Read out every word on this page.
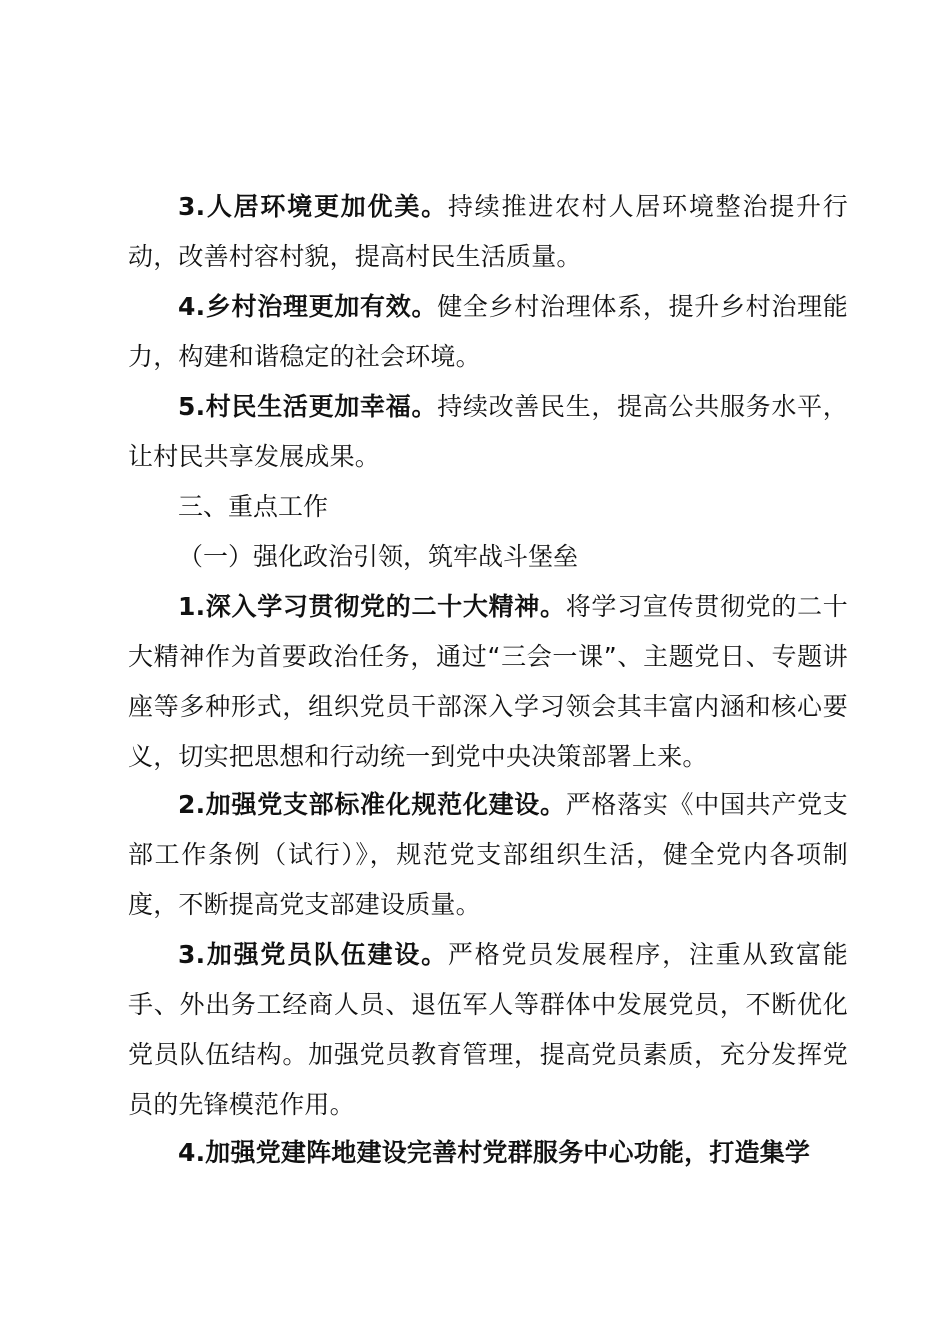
3.人居环境更加优美。持续推进农村人居环境整治提升行动，改善村容村貌，提高村民生活质量。

4.乡村治理更加有效。健全乡村治理体系，提升乡村治理能力，构建和谐稳定的社会环境。

5.村民生活更加幸福。持续改善民生，提高公共服务水平，让村民共享发展成果。

三、重点工作
（一）强化政治引领，筑牢战斗堡垒

1.深入学习贯彻党的二十大精神。将学习宣传贯彻党的二十大精神作为首要政治任务，通过“三会一课”、主题党日、专题讲座等多种形式，组织党员干部深入学习领会其丰富内涵和核心要义，切实把思想和行动统一到党中央决策部署上来。

2.加强党支部标准化规范化建设。严格落实《中国共产党支部工作条例（试行）》，规范党支部组织生活，健全党内各项制度，不断提高党支部建设质量。

3.加强党员队伍建设。严格党员发展程序，注重从致富能手、外出务工经商人员、退伍军人等群体中发展党员，不断优化党员队伍结构。加强党员教育管理，提高党员素质，充分发挥党员的先锋模范作用。

4.加强党建阵地建设完善村党群服务中心功能，打造集学
